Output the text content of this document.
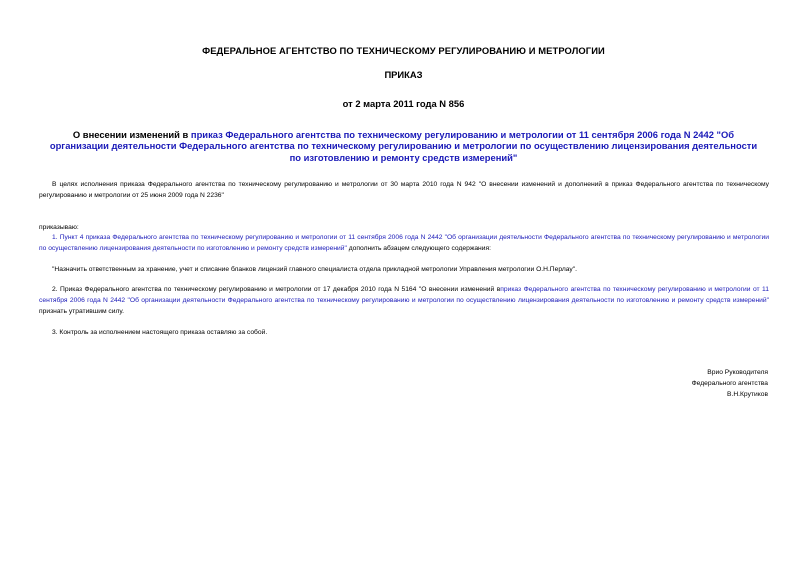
ФЕДЕРАЛЬНОЕ АГЕНТСТВО ПО ТЕХНИЧЕСКОМУ РЕГУЛИРОВАНИЮ И МЕТРОЛОГИИ
ПРИКАЗ
от 2 марта 2011 года N 856
О внесении изменений в приказ Федерального агентства по техническому регулированию и метрологии от 11 сентября 2006 года N 2442 "Об организации деятельности Федерального агентства по техническому регулированию и метрологии по осуществлению лицензирования деятельности по изготовлению и ремонту средств измерений"
В целях исполнения приказа Федерального агентства по техническому регулированию и метрологии от 30 марта 2010 года N 942 "О внесении изменений и дополнений в приказ Федерального агентства по техническому регулированию и метрологии от 25 июня 2009 года N 2236"
приказываю:
1. Пункт 4 приказа Федерального агентства по техническому регулированию и метрологии от 11 сентября 2006 года N 2442 "Об организации деятельности Федерального агентства по техническому регулированию и метрологии по осуществлению лицензирования деятельности по изготовлению и ремонту средств измерений" дополнить абзацем следующего содержания:
"Назначить ответственным за хранение, учет и списание бланков лицензий главного специалиста отдела прикладной метрологии Управления метрологии О.Н.Перлау".
2. Приказ Федерального агентства по техническому регулированию и метрологии от 17 декабря 2010 года N 5164 "О внесении изменений вприказ Федерального агентства по техническому регулированию и метрологии от 11 сентября 2006 года N 2442 "Об организации деятельности Федерального агентства по техническому регулированию и метрологии по осуществлению лицензирования деятельности по изготовлению и ремонту средств измерений" признать утратившим силу.
3. Контроль за исполнением настоящего приказа оставляю за собой.
Врио Руководителя
Федерального агентства
В.Н.Крутиков
